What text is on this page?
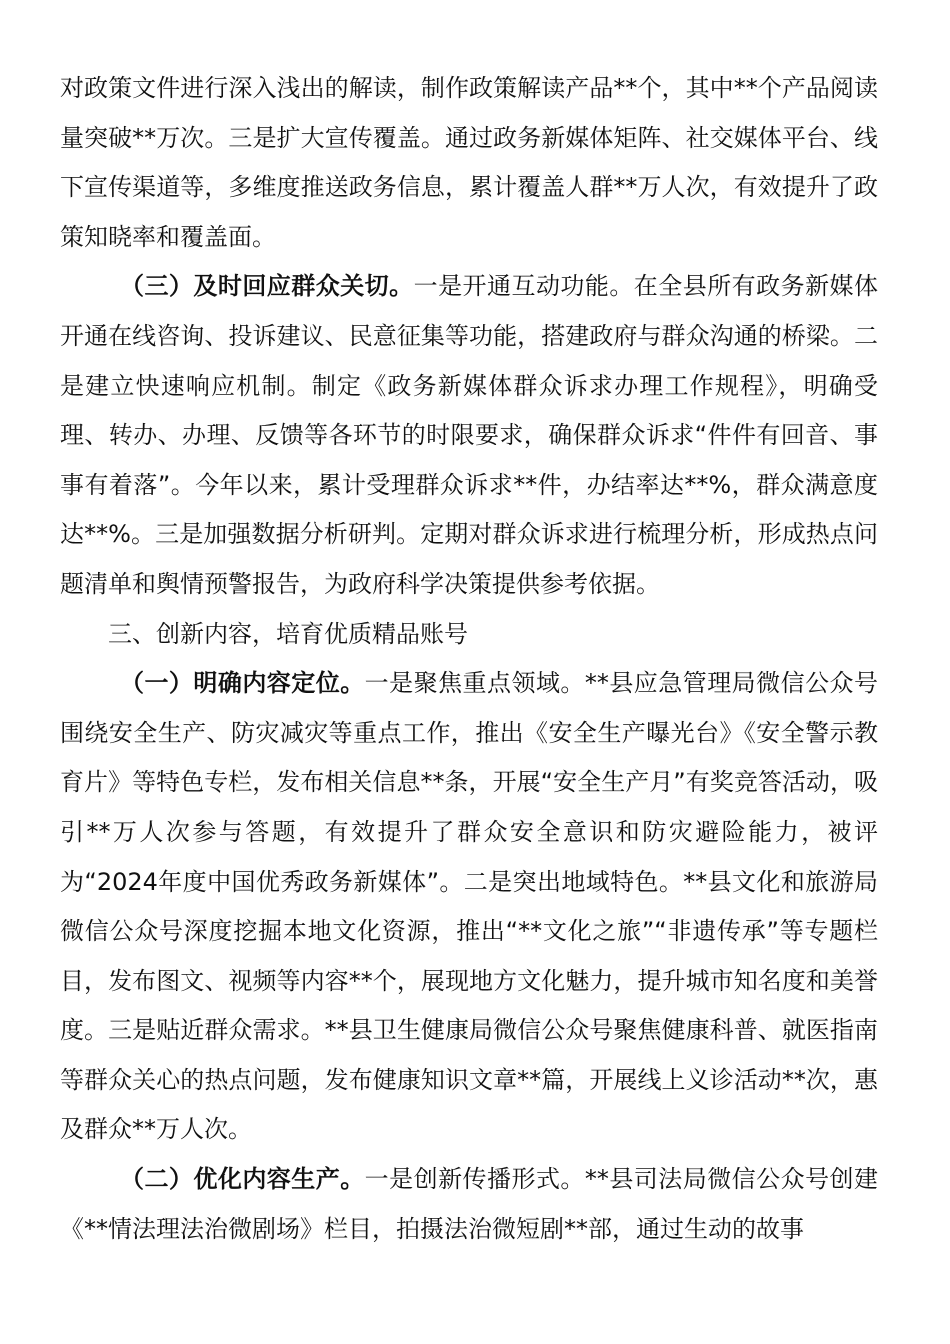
对政策文件进行深入浅出的解读，制作政策解读产品**个，其中**个产品阅读量突破**万次。三是扩大宣传覆盖。通过政务新媒体矩阵、社交媒体平台、线下宣传渠道等，多维度推送政务信息，累计覆盖人群**万人次，有效提升了政策知晓率和覆盖面。

（三）及时回应群众关切。一是开通互动功能。在全县所有政务新媒体开通在线咨询、投诉建议、民意征集等功能，搭建政府与群众沟通的桥梁。二是建立快速响应机制。制定《政务新媒体群众诉求办理工作规程》，明确受理、转办、办理、反馈等各环节的时限要求，确保群众诉求“件件有回音、事事有着落”。今年以来，累计受理群众诉求**件，办结率达**%，群众满意度达**%。三是加强数据分析研判。定期对群众诉求进行梳理分析，形成热点问题清单和舆情预警报告，为政府科学决策提供参考依据。

三、创新内容，培育优质精品账号

（一）明确内容定位。一是聚焦重点领域。**县应急管理局微信公众号围绕安全生产、防灾减灾等重点工作，推出《安全生产曝光台》《安全警示教育片》等特色专栏，发布相关信息**条，开展“安全生产月”有奖竞答活动，吸引**万人次参与答题，有效提升了群众安全意识和防灾避险能力，被评为“2024年度中国优秀政务新媒体”。二是突出地域特色。**县文化和旅游局微信公众号深度挖掘本地文化资源，推出“**文化之旅”“非遗传承”等专题栏目，发布图文、视频等内容**个，展现地方文化魅力，提升城市知名度和美誉度。三是贴近群众需求。**县卫生健康局微信公众号聚焦健康科普、就医指南等群众关心的热点问题，发布健康知识文章**篇，开展线上义诊活动**次，惠及群众**万人次。

（二）优化内容生产。一是创新传播形式。**县司法局微信公众号创建《**情法理法治微剧场》栏目，拍摄法治微短剧**部，通过生动的故事
